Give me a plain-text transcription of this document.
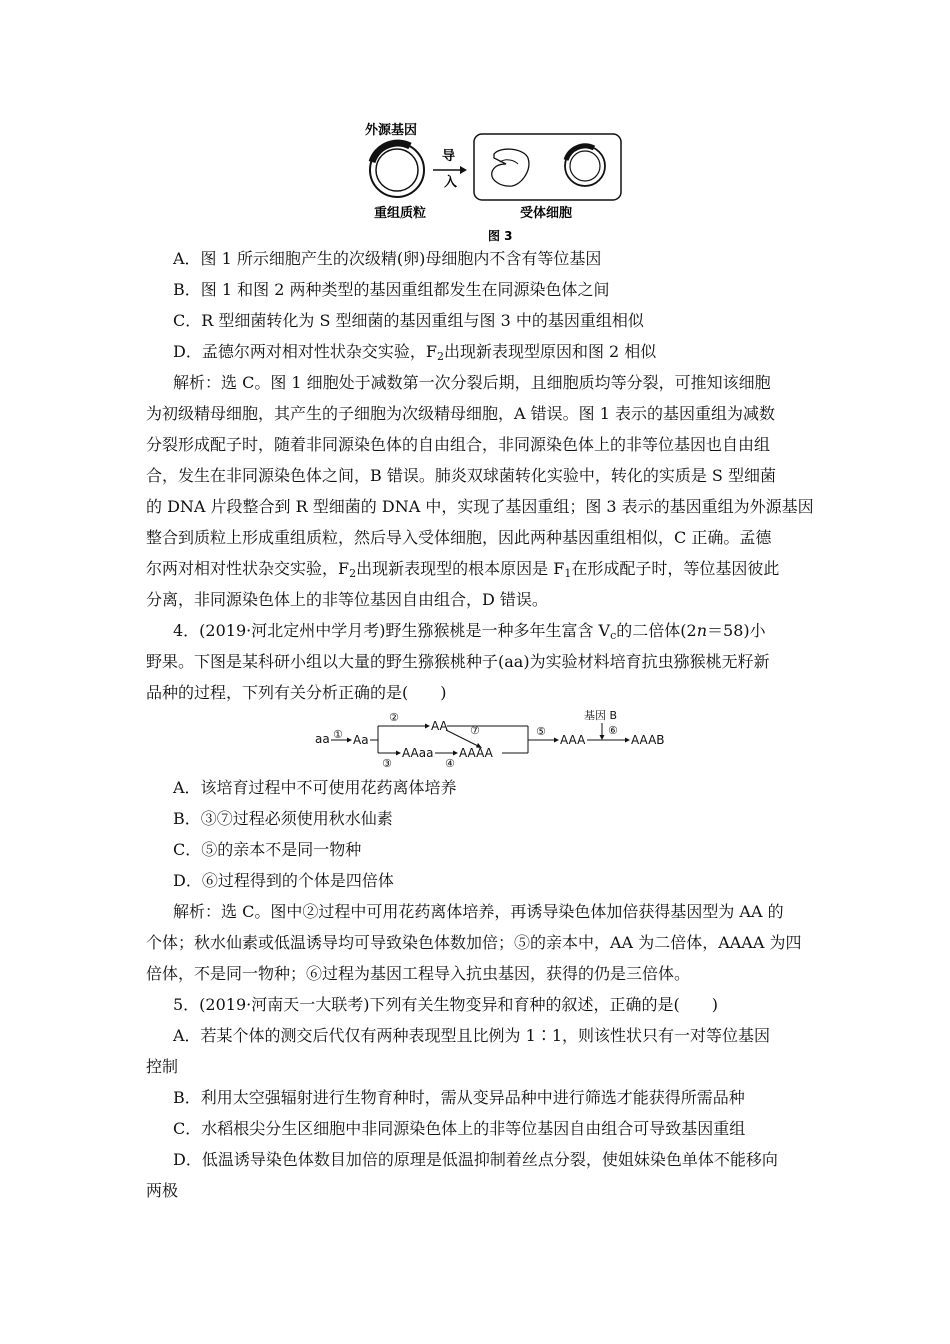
外源基因
重组质粒
导
入
受体细胞
图 3
A．图 1 所示细胞产生的次级精(卵)母细胞内不含有等位基因
B．图 1 和图 2 两种类型的基因重组都发生在同源染色体之间
C．R 型细菌转化为 S 型细菌的基因重组与图 3 中的基因重组相似
D．孟德尔两对相对性状杂交实验，$F_2$出现新表现型原因和图 2 相似
解析：选 C。图 1 细胞处于减数第一次分裂后期，且细胞质均等分裂，可推知该细胞
为初级精母细胞，其产生的子细胞为次级精母细胞，A 错误。图 1 表示的基因重组为减数
分裂形成配子时，随着非同源染色体的自由组合，非同源染色体上的非等位基因也自由组
合，发生在非同源染色体之间，B 错误。肺炎双球菌转化实验中，转化的实质是 S 型细菌
的 DNA 片段整合到 R 型细菌的 DNA 中，实现了基因重组；图 3 表示的基因重组为外源基因
整合到质粒上形成重组质粒，然后导入受体细胞，因此两种基因重组相似，C 正确。孟德
尔两对相对性状杂交实验，$F_2$出现新表现型的根本原因是 $F_1$在形成配子时，等位基因彼此
分离，非同源染色体上的非等位基因自由组合，D 错误。
4．(2019·河北定州中学月考)野生猕猴桃是一种多年生富含 $V_c$的二倍体(2n＝58)小
野果。下图是某科研小组以大量的野生猕猴桃种子(aa)为实验材料培育抗虫猕猴桃无籽新
品种的过程，下列有关分析正确的是(　　)
aa ① Aa
②
AA ⑦
③
AAaa
④
AAAA
⑤
AAA
基因 B
⑥
AAAB
A．该培育过程中不可使用花药离体培养
B．③⑦过程必须使用秋水仙素
C．⑤的亲本不是同一物种
D．⑥过程得到的个体是四倍体
解析：选 C。图中②过程中可用花药离体培养，再诱导染色体加倍获得基因型为 AA 的
个体；秋水仙素或低温诱导均可导致染色体数加倍；⑤的亲本中，AA 为二倍体，AAAA 为四
倍体，不是同一物种；⑥过程为基因工程导入抗虫基因，获得的仍是三倍体。
5．(2019·河南天一大联考)下列有关生物变异和育种的叙述，正确的是(　　)
A．若某个体的测交后代仅有两种表现型且比例为 1∶1，则该性状只有一对等位基因
控制
B．利用太空强辐射进行生物育种时，需从变异品种中进行筛选才能获得所需品种
C．水稻根尖分生区细胞中非同源染色体上的非等位基因自由组合可导致基因重组
D．低温诱导染色体数目加倍的原理是低温抑制着丝点分裂，使姐妹染色单体不能移向
两极
